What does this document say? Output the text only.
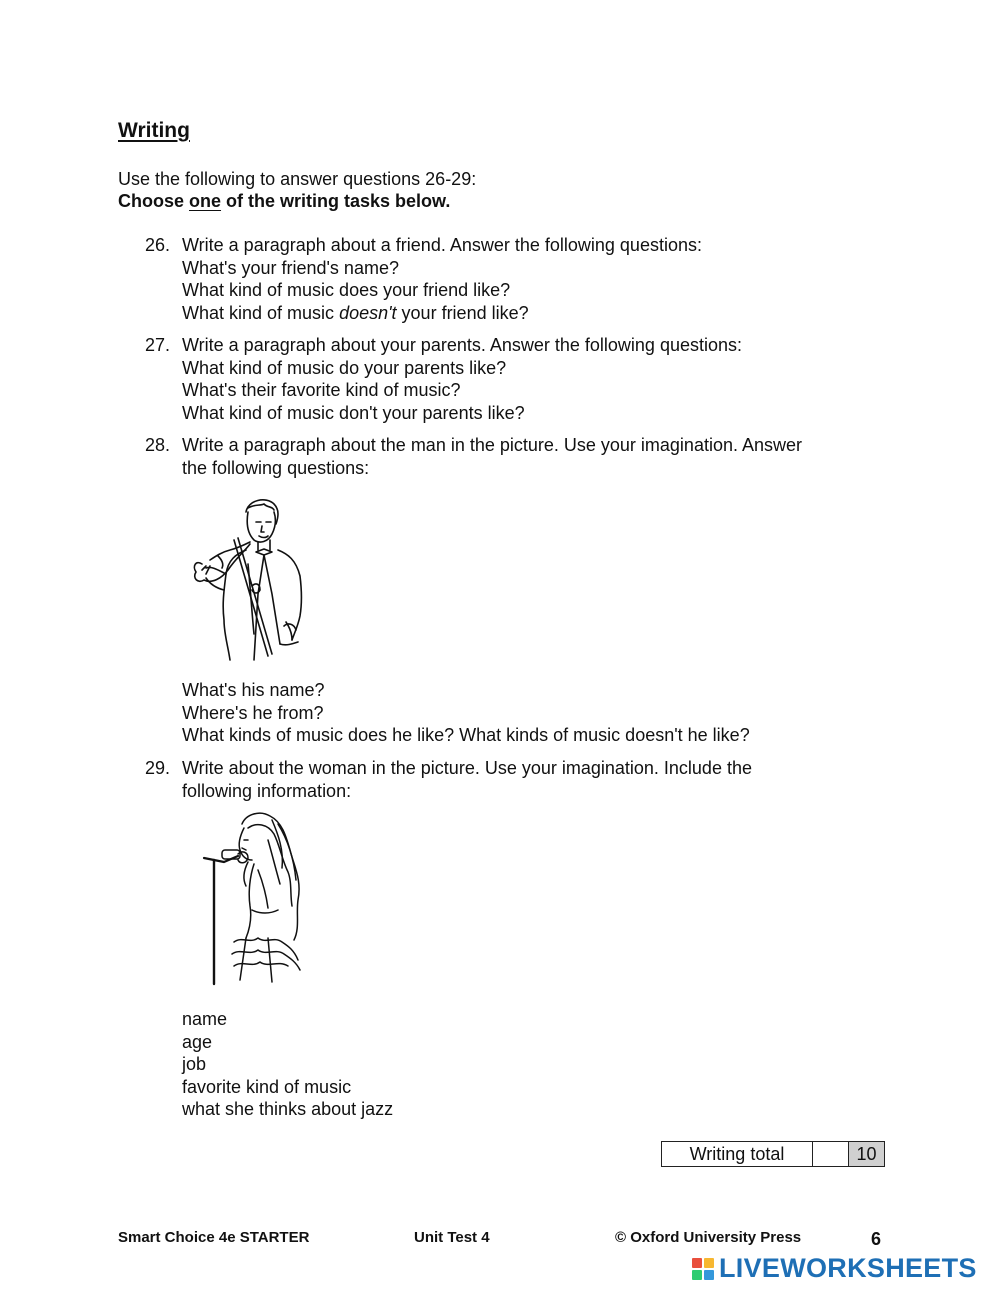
Writing
Use the following to answer questions 26-29:
Choose one of the writing tasks below.
26. Write a paragraph about a friend. Answer the following questions:
What's your friend's name?
What kind of music does your friend like?
What kind of music doesn't your friend like?
27. Write a paragraph about your parents. Answer the following questions:
What kind of music do your parents like?
What's their favorite kind of music?
What kind of music don't your parents like?
28. Write a paragraph about the man in the picture. Use your imagination. Answer
the following questions:
What's his name?
Where's he from?
What kinds of music does he like? What kinds of music doesn't he like?
29. Write about the woman in the picture. Use your imagination. Include the
following information:
name
age
job
favorite kind of music
what she thinks about jazz
Writing total	10
Smart Choice 4e STARTER	Unit Test 4	© Oxford University Press	6
LIVEWORKSHEETS
